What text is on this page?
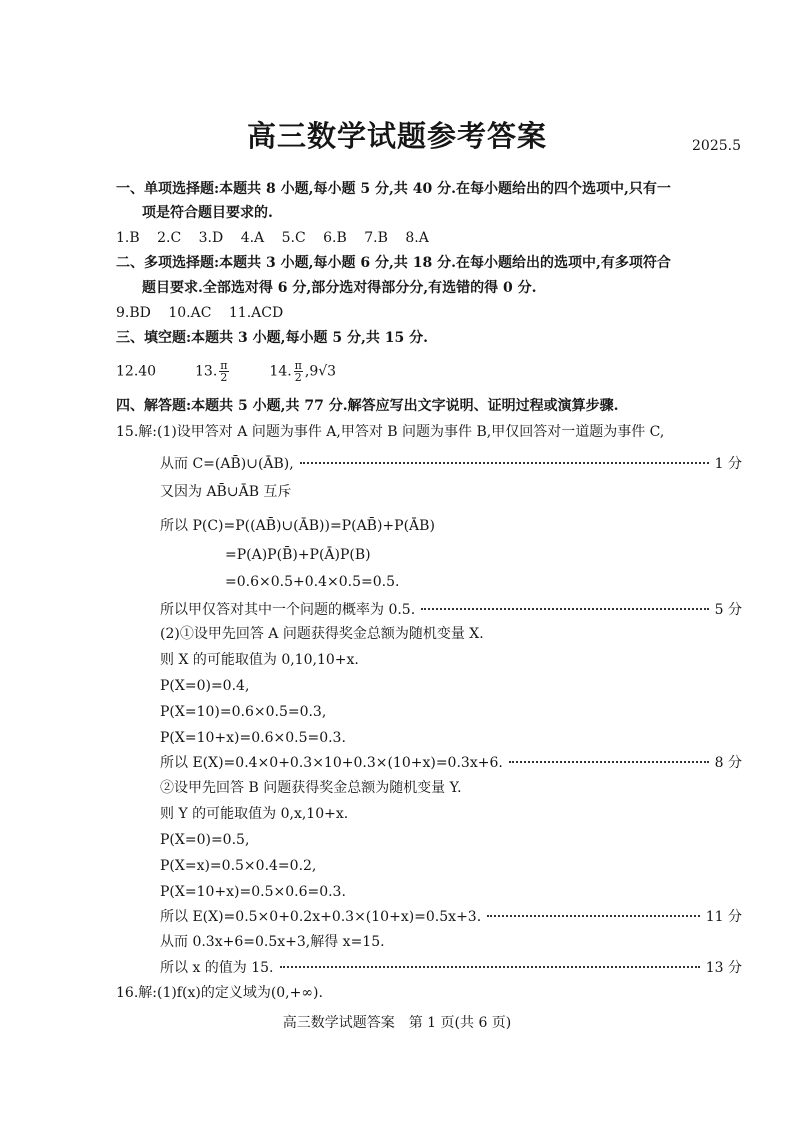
高三数学试题参考答案	2025.5
一、单项选择题:本题共 8 小题,每小题 5 分,共 40 分.在每小题给出的四个选项中,只有一
项是符合题目要求的.
1.B 2.C 3.D 4.A 5.C 6.B 7.B 8.A
二、多项选择题:本题共 3 小题,每小题 6 分,共 18 分.在每小题给出的选项中,有多项符合
题目要求.全部选对得 6 分,部分选对得部分分,有选错的得 0 分.
9.BD 10.AC 11.ACD
三、填空题:本题共 3 小题,每小题 5 分,共 15 分.
12.40	13. $\frac{\pi}{2}$	14. $\frac{\pi}{2} ,9√3$
四、解答题:本题共 5 小题,共 77 分.解答应写出文字说明、证明过程或演算步骤.
15.解:(1)设甲答对 A 问题为事件 A,甲答对 B 问题为事件 B,甲仅回答对一道题为事件 C,
从而 C=(AB̄)∪(ĀB),	1 分
又因为 AB̄∪ĀB 互斥
所以 P(C)=P((AB̄)∪(ĀB))=P(AB̄)+P(ĀB)
=P(A)P(B̄)+P(Ā)P(B)
=0.6×0.5+0.4×0.5=0.5.
所以甲仅答对其中一个问题的概率为 0.5.	5 分
(2)①设甲先回答 A 问题获得奖金总额为随机变量 X.
则 X 的可能取值为 0,10,10+x.
P(X=0)=0.4,
P(X=10)=0.6×0.5=0.3,
P(X=10+x)=0.6×0.5=0.3.
所以 E(X)=0.4×0+0.3×10+0.3×(10+x)=0.3x+6.	8 分
②设甲先回答 B 问题获得奖金总额为随机变量 Y.
则 Y 的可能取值为 0,x,10+x.
P(X=0)=0.5,
P(X=x)=0.5×0.4=0.2,
P(X=10+x)=0.5×0.6=0.3.
所以 E(X)=0.5×0+0.2x+0.3×(10+x)=0.5x+3.	11 分
从而 0.3x+6=0.5x+3,解得 x=15.
所以 x 的值为 15.	13 分
16.解:(1)f(x)的定义域为(0,+∞).
高三数学试题答案　第 1 页(共 6 页)
